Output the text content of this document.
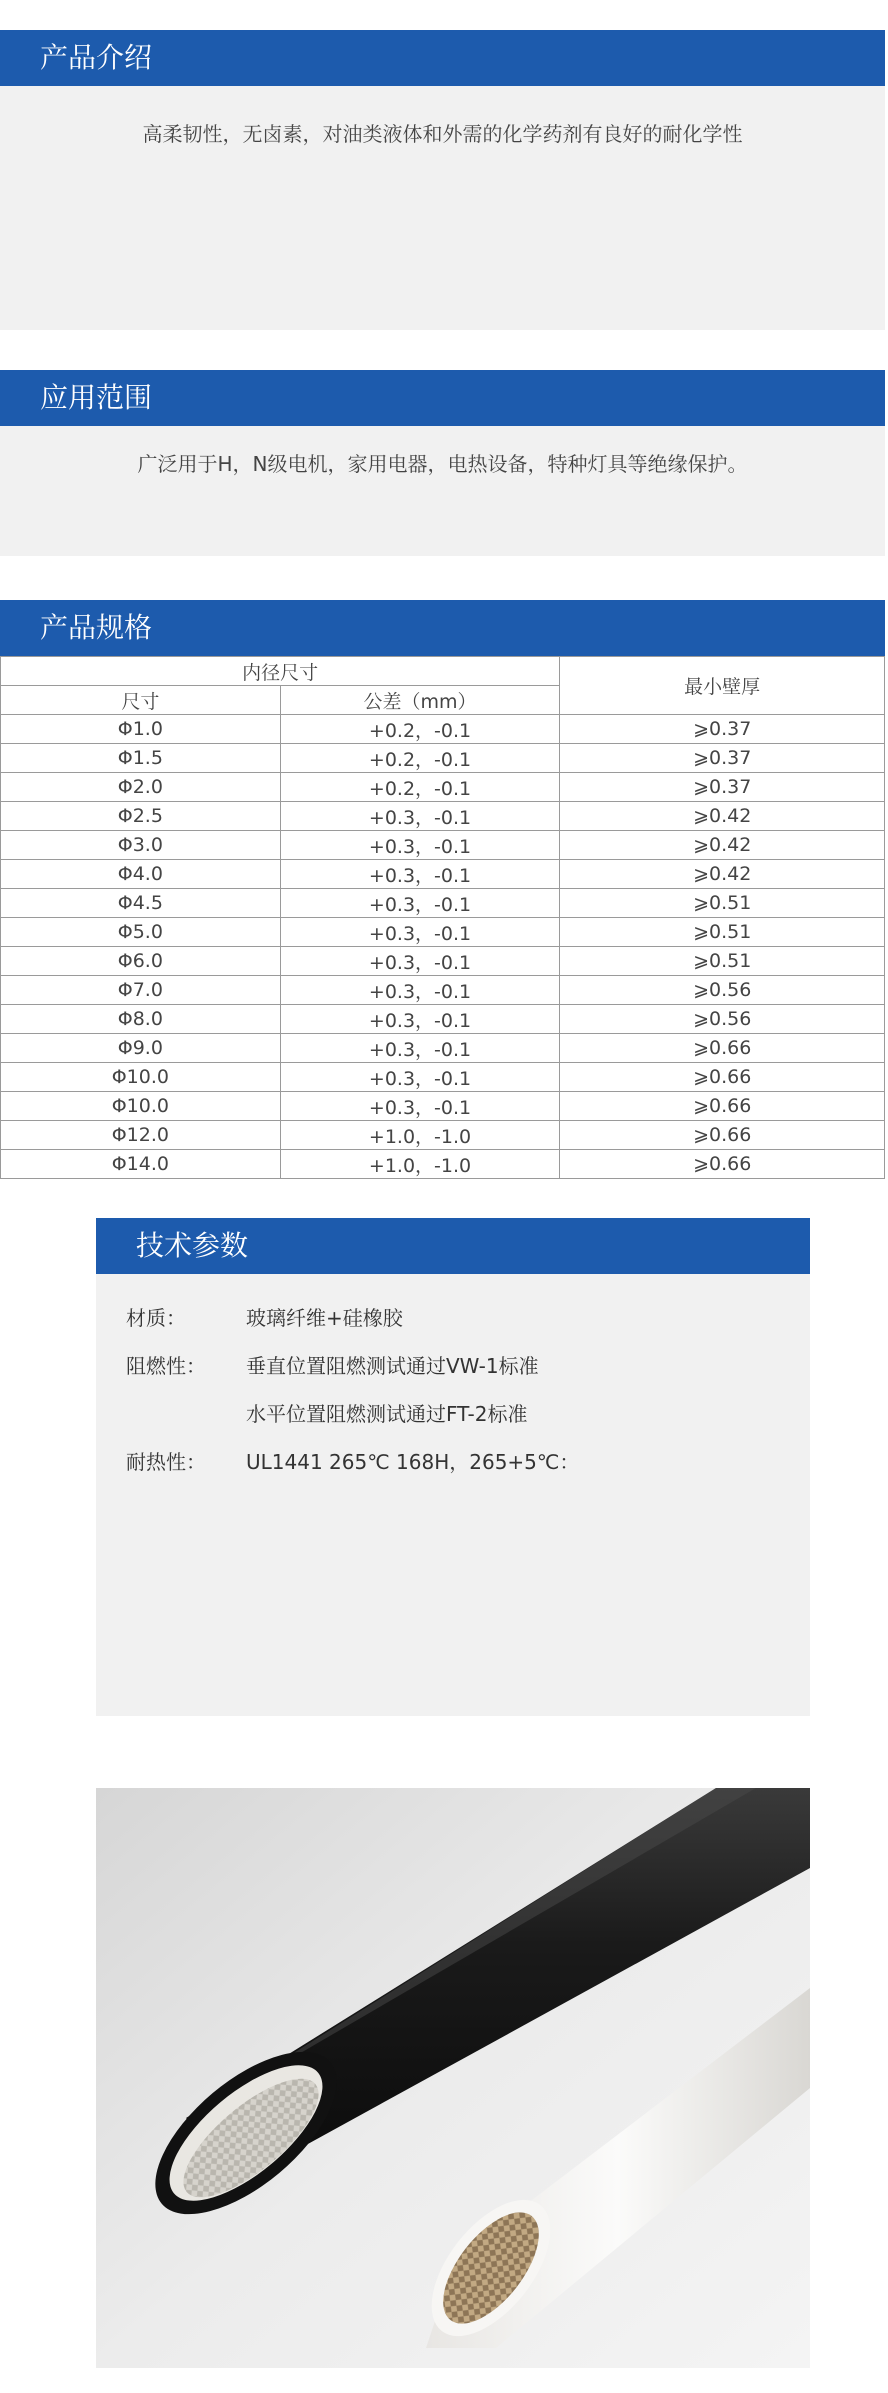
产品介绍

高柔韧性，无卤素，对油类液体和外需的化学药剂有良好的耐化学性

应用范围

广泛用于H，N级电机，家用电器，电热设备，特种灯具等绝缘保护。

产品规格
内径尺寸		最小壁厚
尺寸	公差（mm）	
Φ1.0	+0.2，-0.1	⩾0.37
Φ1.5	+0.2，-0.1	⩾0.37
Φ2.0	+0.2，-0.1	⩾0.37
Φ2.5	+0.3，-0.1	⩾0.42
Φ3.0	+0.3，-0.1	⩾0.42
Φ4.0	+0.3，-0.1	⩾0.42
Φ4.5	+0.3，-0.1	⩾0.51
Φ5.0	+0.3，-0.1	⩾0.51
Φ6.0	+0.3，-0.1	⩾0.51
Φ7.0	+0.3，-0.1	⩾0.56
Φ8.0	+0.3，-0.1	⩾0.56
Φ9.0	+0.3，-0.1	⩾0.66
Φ10.0	+0.3，-0.1	⩾0.66
Φ10.0	+0.3，-0.1	⩾0.66
Φ12.0	+1.0，-1.0	⩾0.66
Φ14.0	+1.0，-1.0	⩾0.66
技术参数
材质：	玻璃纤维+硅橡胶
阻燃性：	垂直位置阻燃测试通过VW-1标准
水平位置阻燃测试通过FT-2标准
耐热性：	UL1441 265℃ 168H，265+5℃：
